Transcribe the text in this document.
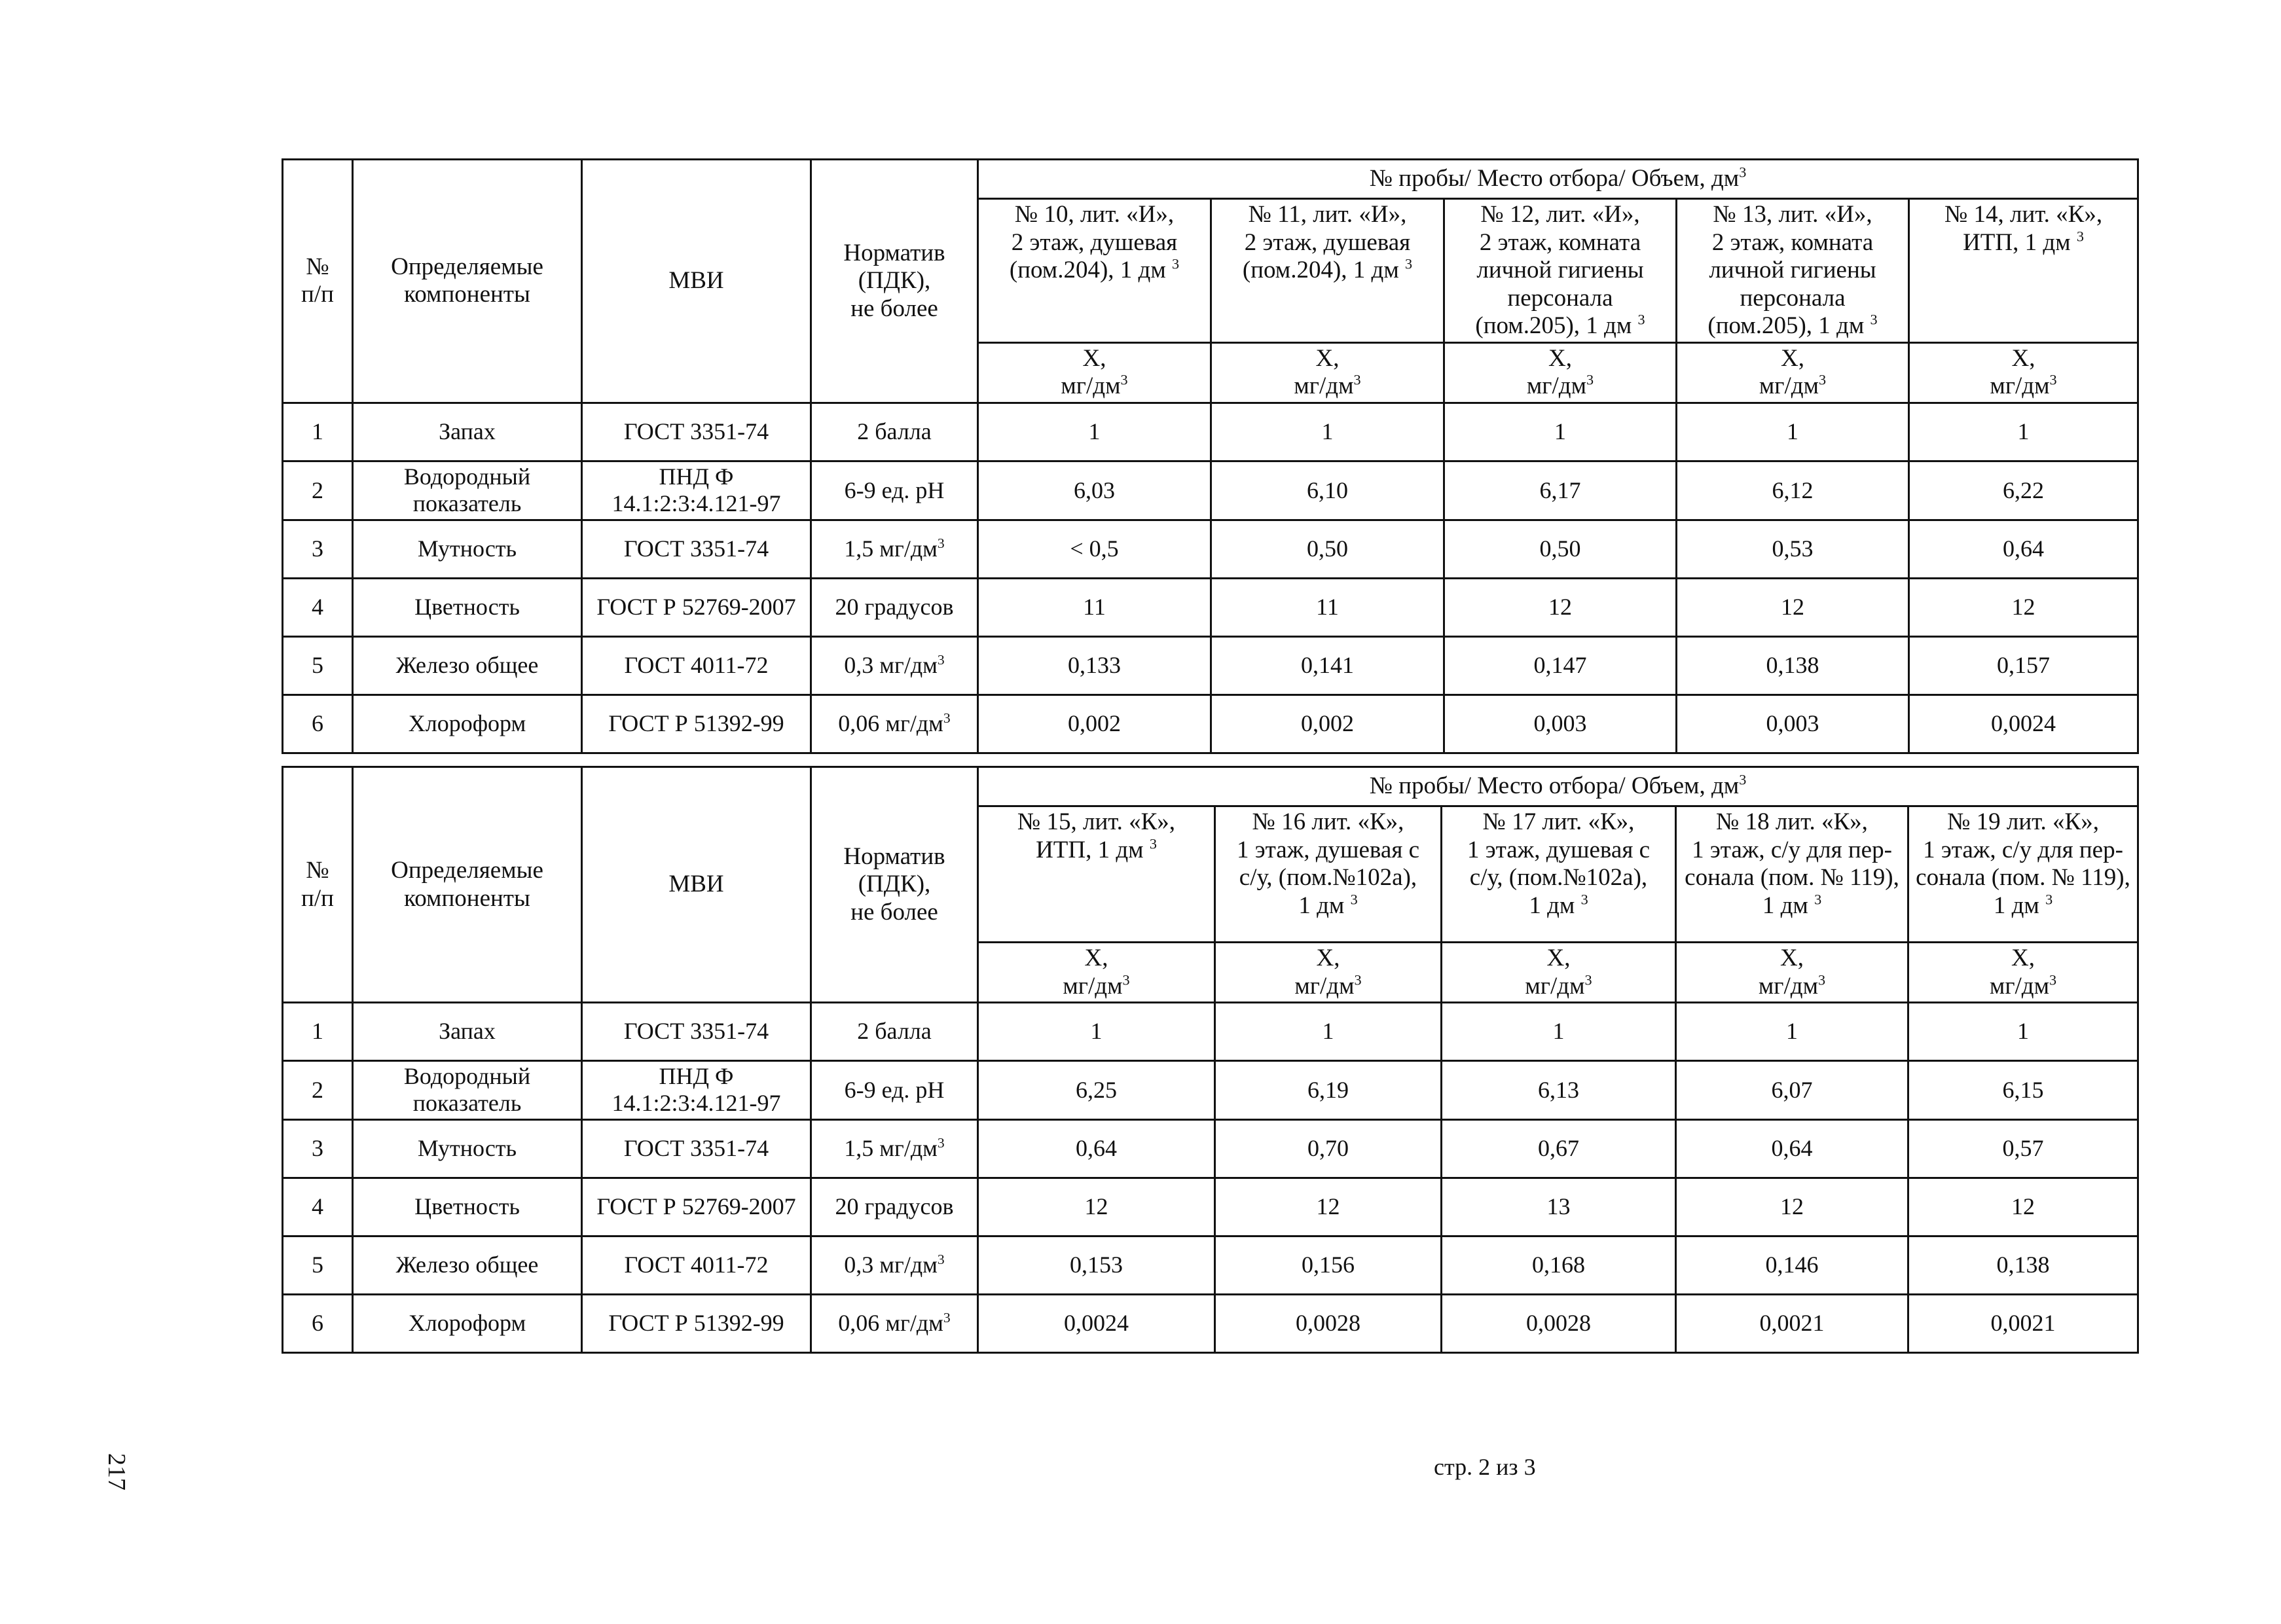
№
п/п	Определяемые
компоненты	МВИ	Норматив
(ПДК),
не более	№ пробы/ Место отбора/ Объем, $дм^3$
				№ 10, лит. «И»,
2 этаж, душевая
(пом.204), 1 дм $^3$	№ 11, лит. «И»,
2 этаж, душевая
(пом.204), 1 дм $^3$	№ 12, лит. «И»,
2 этаж, комната
личной гигиены
персонала
(пом.205), 1 дм $^3$	№ 13, лит. «И»,
2 этаж, комната
личной гигиены
персонала
(пом.205), 1 дм $^3$	№ 14, лит. «К»,
ИТП, 1 дм $^3$
				Х,
$мг/дм^3$	Х,
$мг/дм^3$	Х,
$мг/дм^3$	Х,
$мг/дм^3$	Х,
$мг/дм^3$
1	Запах	ГОСТ 3351-74	2 балла	1	1	1	1	1
2	Водородный показатель	ПНД Ф 14.1:2:3:4.121-97	6-9 ед. pH	6,03	6,10	6,17	6,12	6,22
3	Мутность	ГОСТ 3351-74	1,5 $мг/дм^3$	< 0,5	0,50	0,50	0,53	0,64
4	Цветность	ГОСТ Р 52769-2007	20 градусов	11	11	12	12	12
5	Железо общее	ГОСТ 4011-72	0,3 $мг/дм^3$	0,133	0,141	0,147	0,138	0,157
6	Хлороформ	ГОСТ Р 51392-99	0,06 $мг/дм^3$	0,002	0,002	0,003	0,003	0,0024
№
п/п	Определяемые
компоненты	МВИ	Норматив
(ПДК),
не более	№ пробы/ Место отбора/ Объем, $дм^3$
				№ 15, лит. «К»,
ИТП, 1 дм $^3$	№ 16 лит. «К»,
1 этаж, душевая с
с/у, (пом.№102а),
1 дм $^3$	№ 17 лит. «К»,
1 этаж, душевая с
с/у, (пом.№102а),
1 дм $^3$	№ 18 лит. «К»,
1 этаж, с/у для пер-
сонала (пом. № 119),
1 дм $^3$	№ 19 лит. «К»,
1 этаж, с/у для пер-
сонала (пом. № 119),
1 дм $^3$
				Х,
$мг/дм^3$	Х,
$мг/дм^3$	Х,
$мг/дм^3$	Х,
$мг/дм^3$	Х,
$мг/дм^3$
1	Запах	ГОСТ 3351-74	2 балла	1	1	1	1	1
2	Водородный показатель	ПНД Ф 14.1:2:3:4.121-97	6-9 ед. pH	6,25	6,19	6,13	6,07	6,15
3	Мутность	ГОСТ 3351-74	1,5 $мг/дм^3$	0,64	0,70	0,67	0,64	0,57
4	Цветность	ГОСТ Р 52769-2007	20 градусов	12	12	13	12	12
5	Железо общее	ГОСТ 4011-72	0,3 $мг/дм^3$	0,153	0,156	0,168	0,146	0,138
6	Хлороформ	ГОСТ Р 51392-99	0,06 $мг/дм^3$	0,0024	0,0028	0,0028	0,0021	0,0021
стр. 2 из 3
217
